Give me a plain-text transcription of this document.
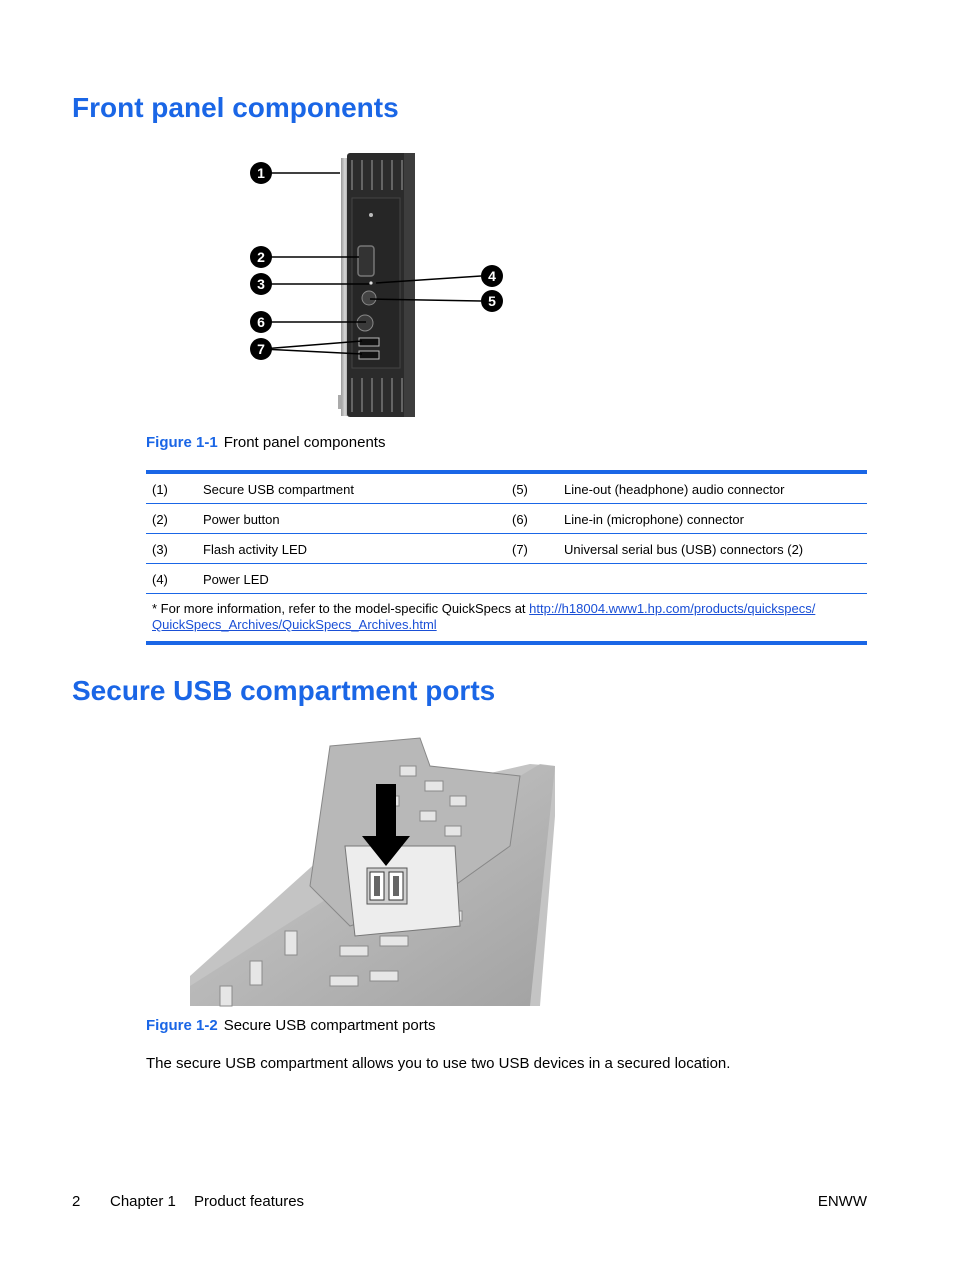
Front panel components
1
2
3	4
5
6
7
Figure 1-1 Front panel components
(1)	Secure USB compartment	(5)	Line-out (headphone) audio connector
(2)	Power button	(6)	Line-in (microphone) connector
(3)	Flash activity LED	(7)	Universal serial bus (USB) connectors (2)
(4)	Power LED
* For more information, refer to the model-specific QuickSpecs at http://h18004.www1.hp.com/products/quickspecs/
QuickSpecs_Archives/QuickSpecs_Archives.html
Secure USB compartment ports
Figure 1-2 Secure USB compartment ports
The secure USB compartment allows you to use two USB devices in a secured location.
2 Chapter 1 Product features	ENWW
